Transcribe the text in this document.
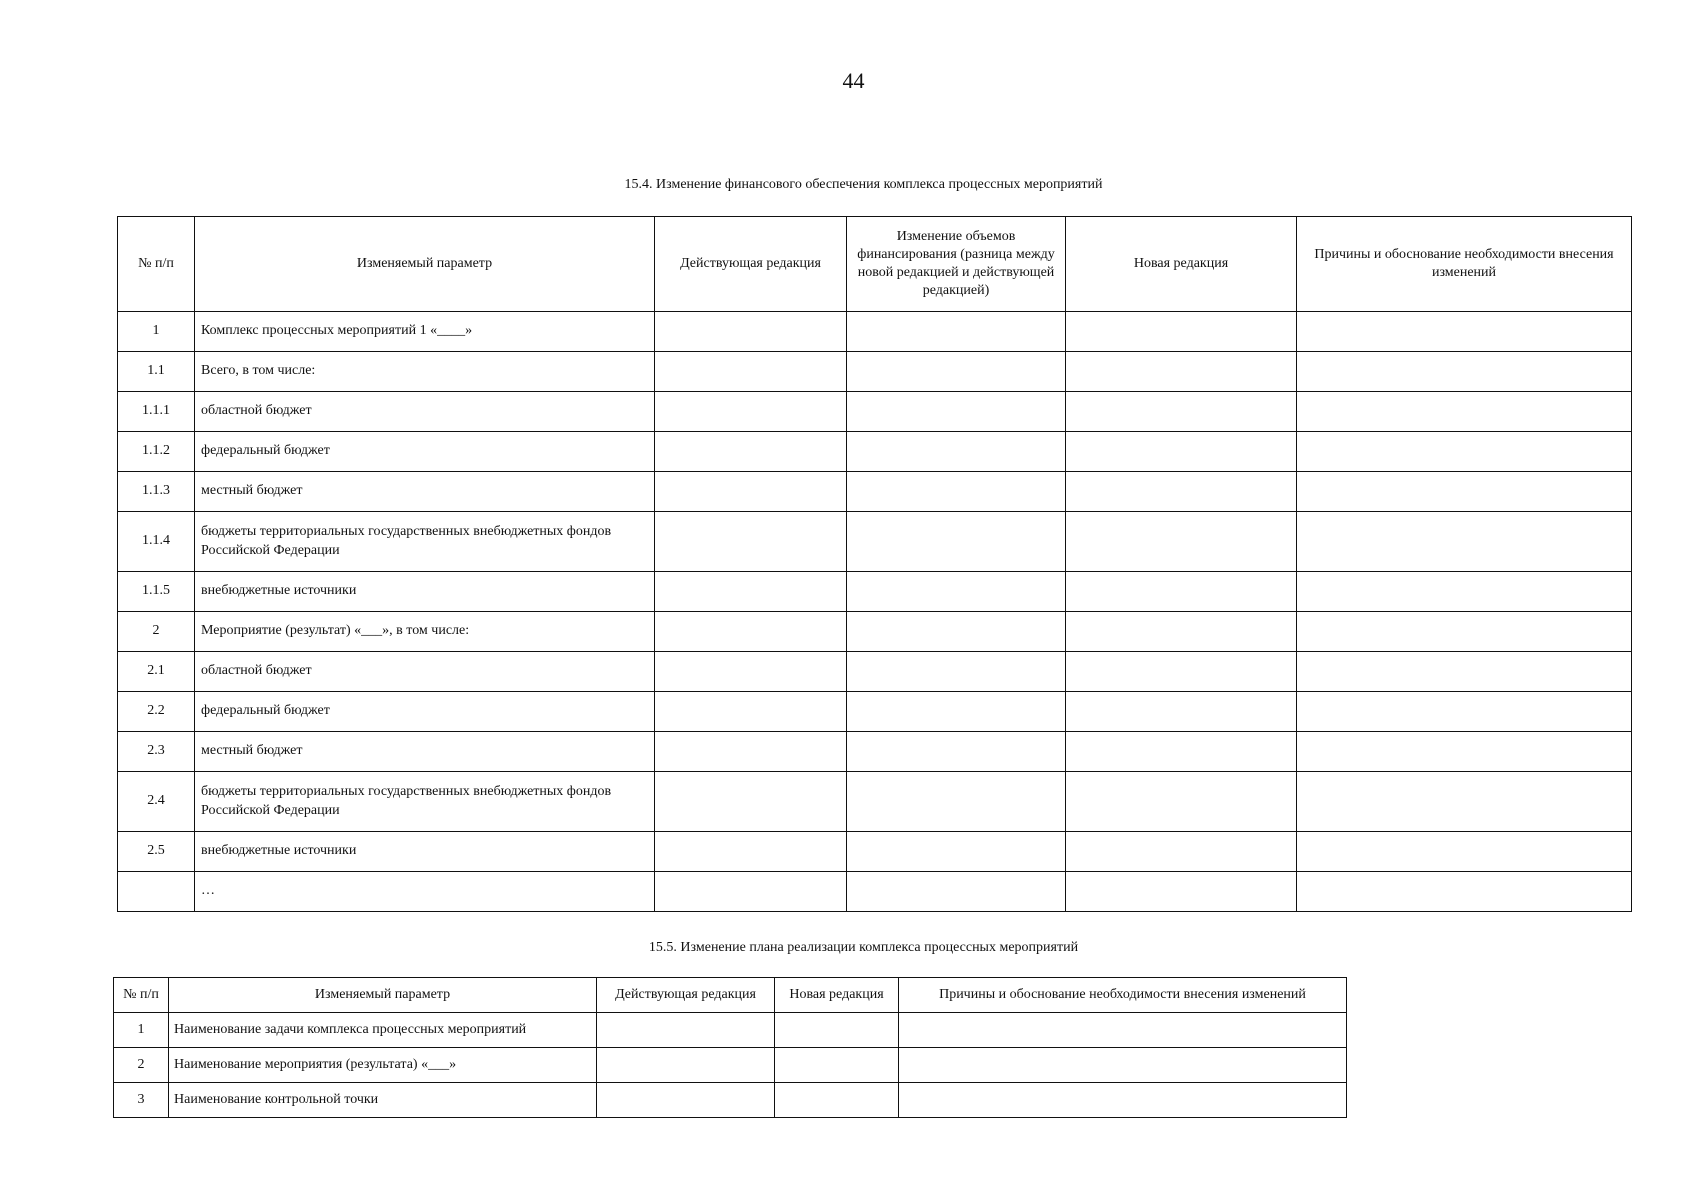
44
15.4. Изменение финансового обеспечения комплекса процессных мероприятий
№ п/п	Изменяемый параметр	Действующая редакция	Изменение объемов финансирования (разница между новой редакцией и действующей редакцией)	Новая редакция	Причины и обоснование необходимости внесения изменений
1	Комплекс процессных мероприятий 1 «____»				
1.1	Всего, в том числе:				
1.1.1	областной бюджет				
1.1.2	федеральный бюджет				
1.1.3	местный бюджет				
1.1.4	бюджеты территориальных государственных внебюджетных фондов Российской Федерации				
1.1.5	внебюджетные источники				
2	Мероприятие (результат) «___», в том числе:				
2.1	областной бюджет				
2.2	федеральный бюджет				
2.3	местный бюджет				
2.4	бюджеты территориальных государственных внебюджетных фондов Российской Федерации				
2.5	внебюджетные источники				
	…				
15.5. Изменение плана реализации комплекса процессных мероприятий
№ п/п	Изменяемый параметр	Действующая редакция	Новая редакция	Причины и обоснование необходимости внесения изменений
1	Наименование задачи комплекса процессных мероприятий			
2	Наименование мероприятия (результата) «___»			
3	Наименование контрольной точки			
